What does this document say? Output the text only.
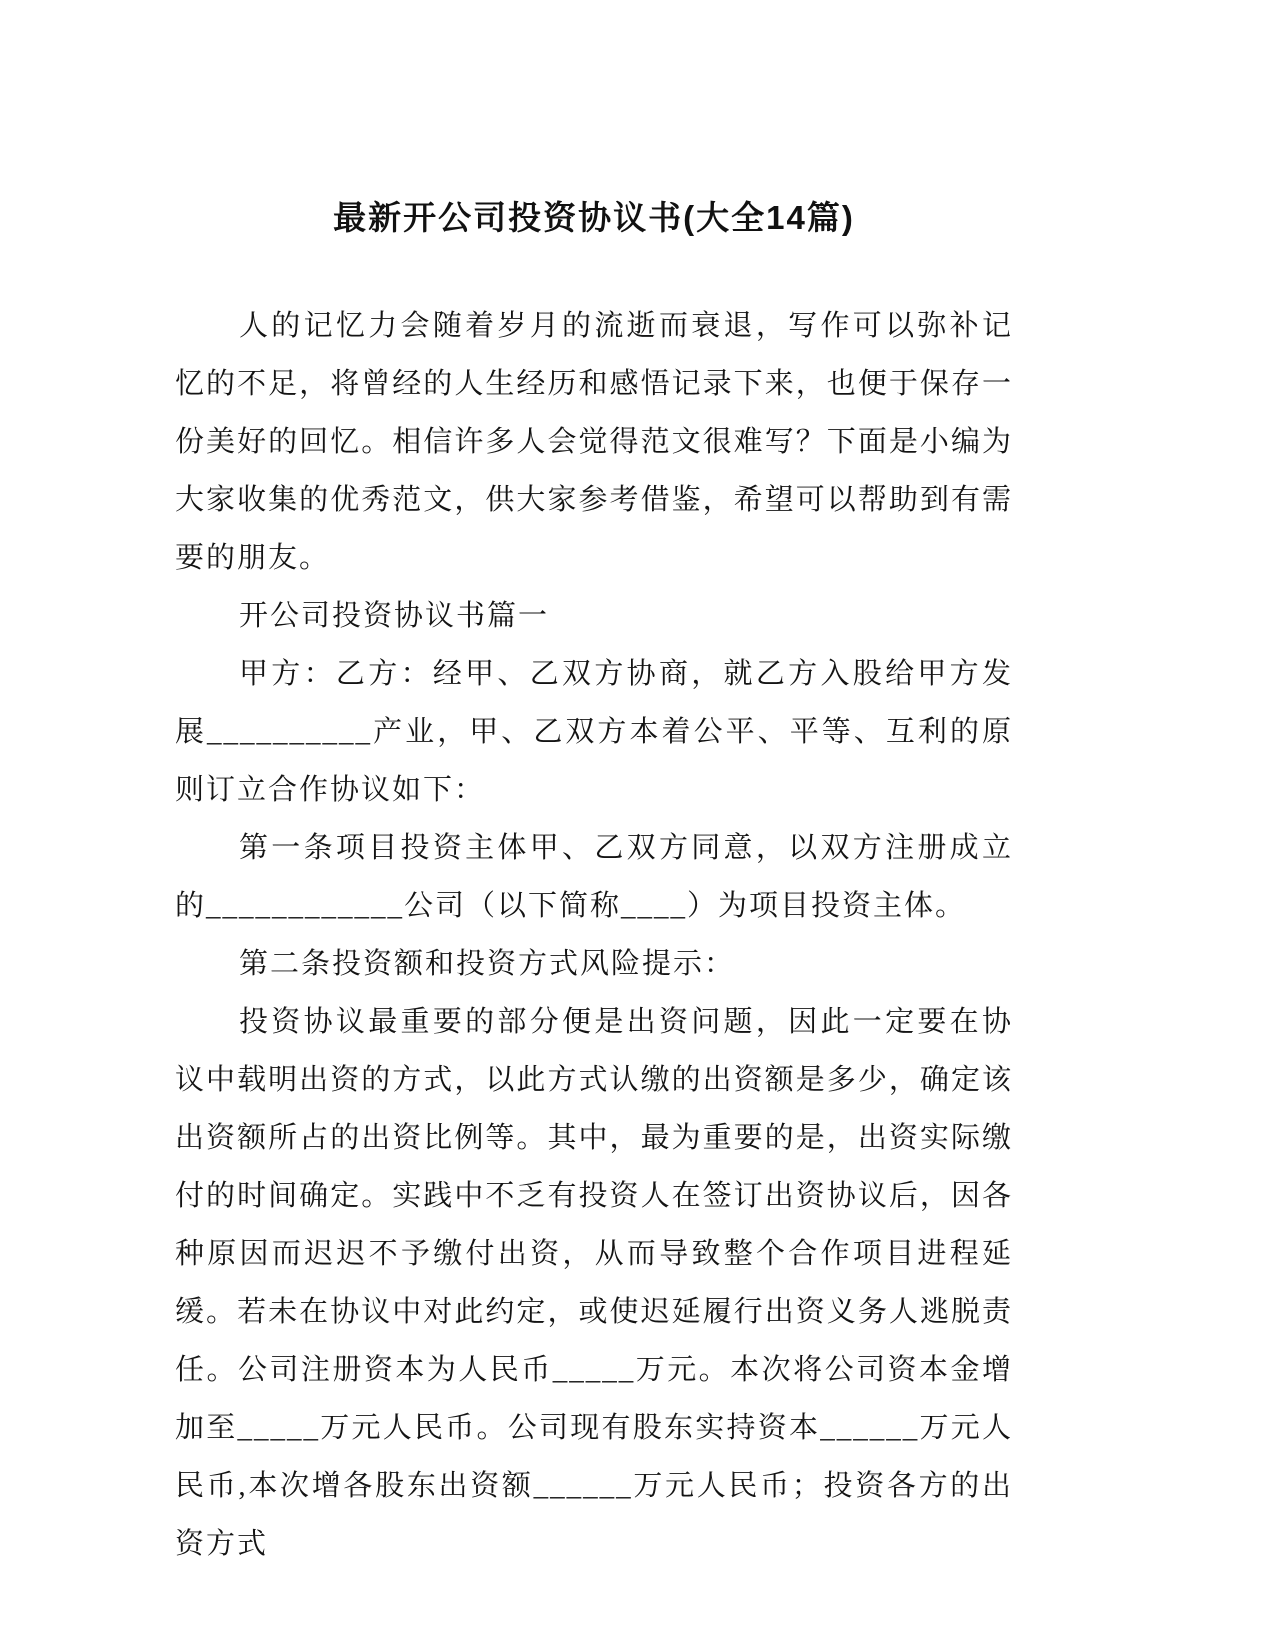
最新开公司投资协议书(大全14篇)

人的记忆力会随着岁月的流逝而衰退，写作可以弥补记忆的不足，将曾经的人生经历和感悟记录下来，也便于保存一份美好的回忆。相信许多人会觉得范文很难写？下面是小编为大家收集的优秀范文，供大家参考借鉴，希望可以帮助到有需要的朋友。

开公司投资协议书篇一

甲方：乙方：经甲、乙双方协商，就乙方入股给甲方发展__________产业，甲、乙双方本着公平、平等、互利的原则订立合作协议如下：

第一条项目投资主体甲、乙双方同意，以双方注册成立的____________公司（以下简称____）为项目投资主体。

第二条投资额和投资方式风险提示：

投资协议最重要的部分便是出资问题，因此一定要在协议中载明出资的方式，以此方式认缴的出资额是多少，确定该出资额所占的出资比例等。其中，最为重要的是，出资实际缴付的时间确定。实践中不乏有投资人在签订出资协议后，因各种原因而迟迟不予缴付出资，从而导致整个合作项目进程延缓。若未在协议中对此约定，或使迟延履行出资义务人逃脱责任。公司注册资本为人民币_____万元。本次将公司资本金增加至_____万元人民币。公司现有股东实持资本______万元人民币,本次增各股东出资额______万元人民币；投资各方的出资方式
